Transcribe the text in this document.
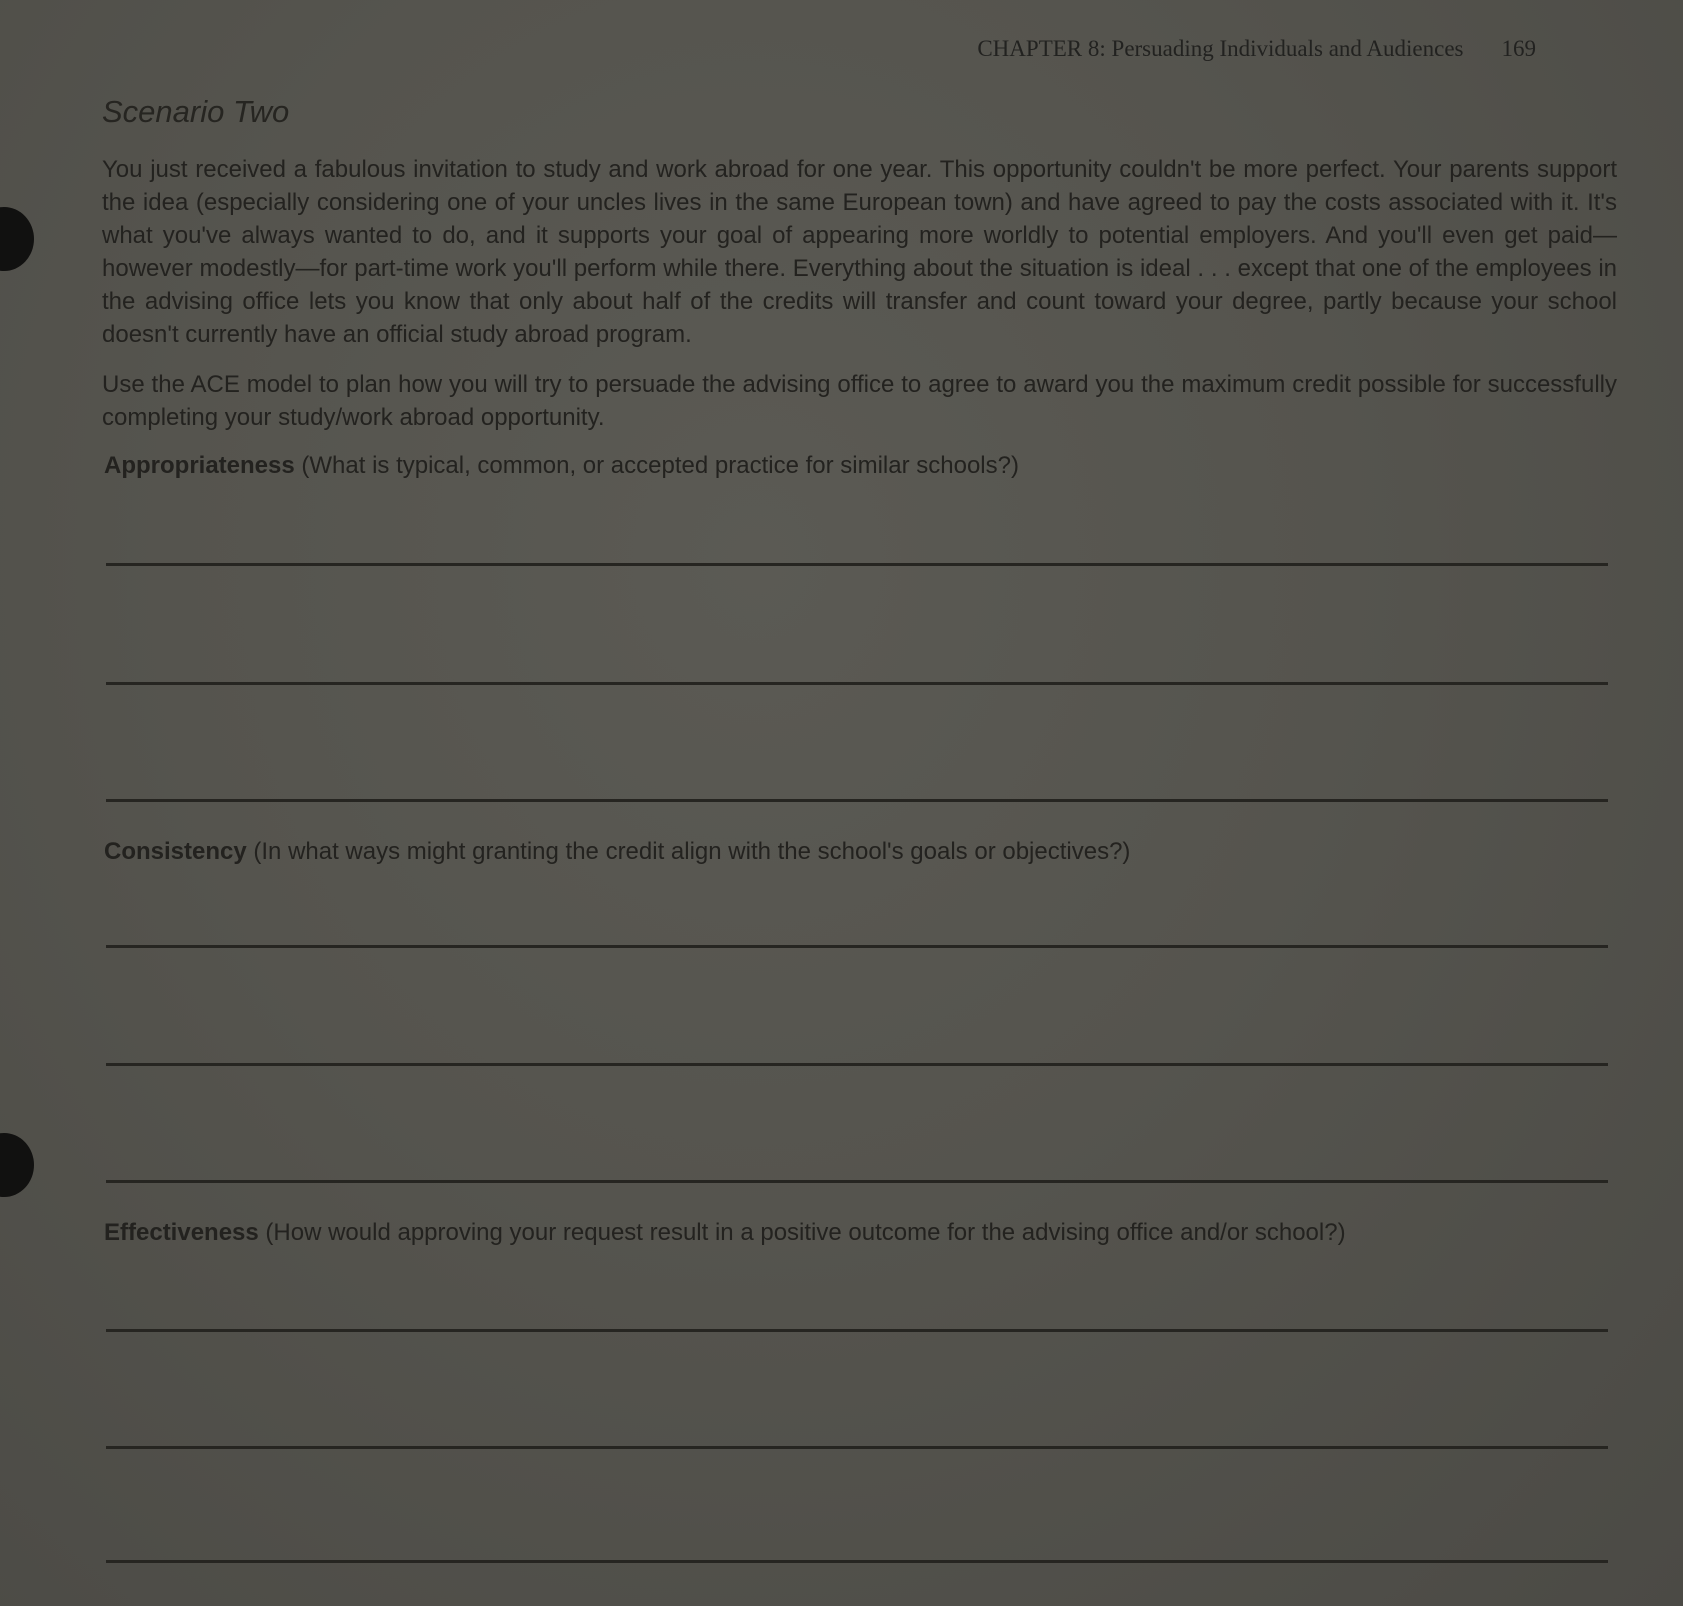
CHAPTER 8: Persuading Individuals and Audiences 169
Scenario Two

You just received a fabulous invitation to study and work abroad for one year. This opportunity couldn't be more perfect. Your parents support the idea (especially considering one of your uncles lives in the same European town) and have agreed to pay the costs associated with it. It's what you've always wanted to do, and it supports your goal of appearing more worldly to potential employers. And you'll even get paid—however modestly—for part-time work you'll perform while there. Everything about the situation is ideal . . . except that one of the employees in the advising office lets you know that only about half of the credits will transfer and count toward your degree, partly because your school doesn't currently have an official study abroad program.

Use the ACE model to plan how you will try to persuade the advising office to agree to award you the maximum credit possible for successfully completing your study/work abroad opportunity.

Appropriateness (What is typical, common, or accepted practice for similar schools?)
Consistency (In what ways might granting the credit align with the school's goals or objectives?)
Effectiveness (How would approving your request result in a positive outcome for the advising office and/or school?)
